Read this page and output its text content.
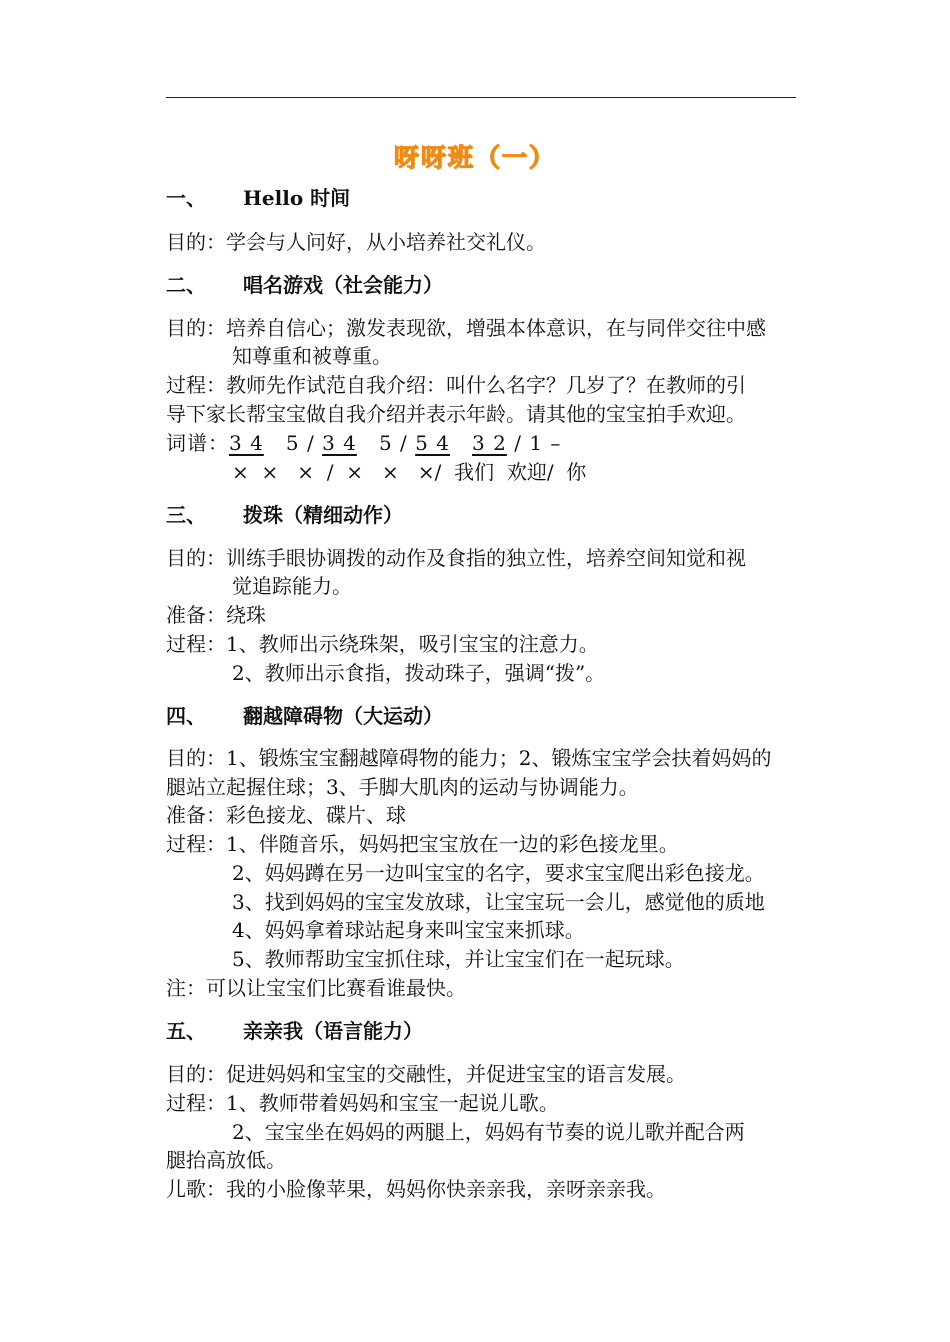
呀呀班（一）
一、 Hello 时间
目的：学会与人问好，从小培养社交礼仪。
二、 唱名游戏（社会能力）
目的：培养自信心；激发表现欲，增强本体意识，在与同伴交往中感
知尊重和被尊重。
过程：教师先作试范自我介绍：叫什么名字？几岁了？在教师的引
导下家长帮宝宝做自我介绍并表示年龄。请其他的宝宝拍手欢迎。
词谱：3 4 5 / 3 4 5 / 5 4 3 2 / 1 –
×  ×   ×  /  ×   ×   ×/  我们  欢迎/  你
三、 拨珠（精细动作）
目的：训练手眼协调拨的动作及食指的独立性，培养空间知觉和视
觉追踪能力。
准备：绕珠
过程：1、教师出示绕珠架，吸引宝宝的注意力。
2、教师出示食指，拨动珠子，强调“拨”。
四、 翻越障碍物（大运动）
目的：1、锻炼宝宝翻越障碍物的能力；2、锻炼宝宝学会扶着妈妈的
腿站立起握住球；3、手脚大肌肉的运动与协调能力。
准备：彩色接龙、碟片、球
过程：1、伴随音乐，妈妈把宝宝放在一边的彩色接龙里。
2、妈妈蹲在另一边叫宝宝的名字，要求宝宝爬出彩色接龙。
3、找到妈妈的宝宝发放球，让宝宝玩一会儿，感觉他的质地
4、妈妈拿着球站起身来叫宝宝来抓球。
5、教师帮助宝宝抓住球，并让宝宝们在一起玩球。
注：可以让宝宝们比赛看谁最快。
五、 亲亲我（语言能力）
目的：促进妈妈和宝宝的交融性，并促进宝宝的语言发展。
过程：1、教师带着妈妈和宝宝一起说儿歌。
2、宝宝坐在妈妈的两腿上，妈妈有节奏的说儿歌并配合两
腿抬高放低。
儿歌：我的小脸像苹果，妈妈你快亲亲我，亲呀亲亲我。
